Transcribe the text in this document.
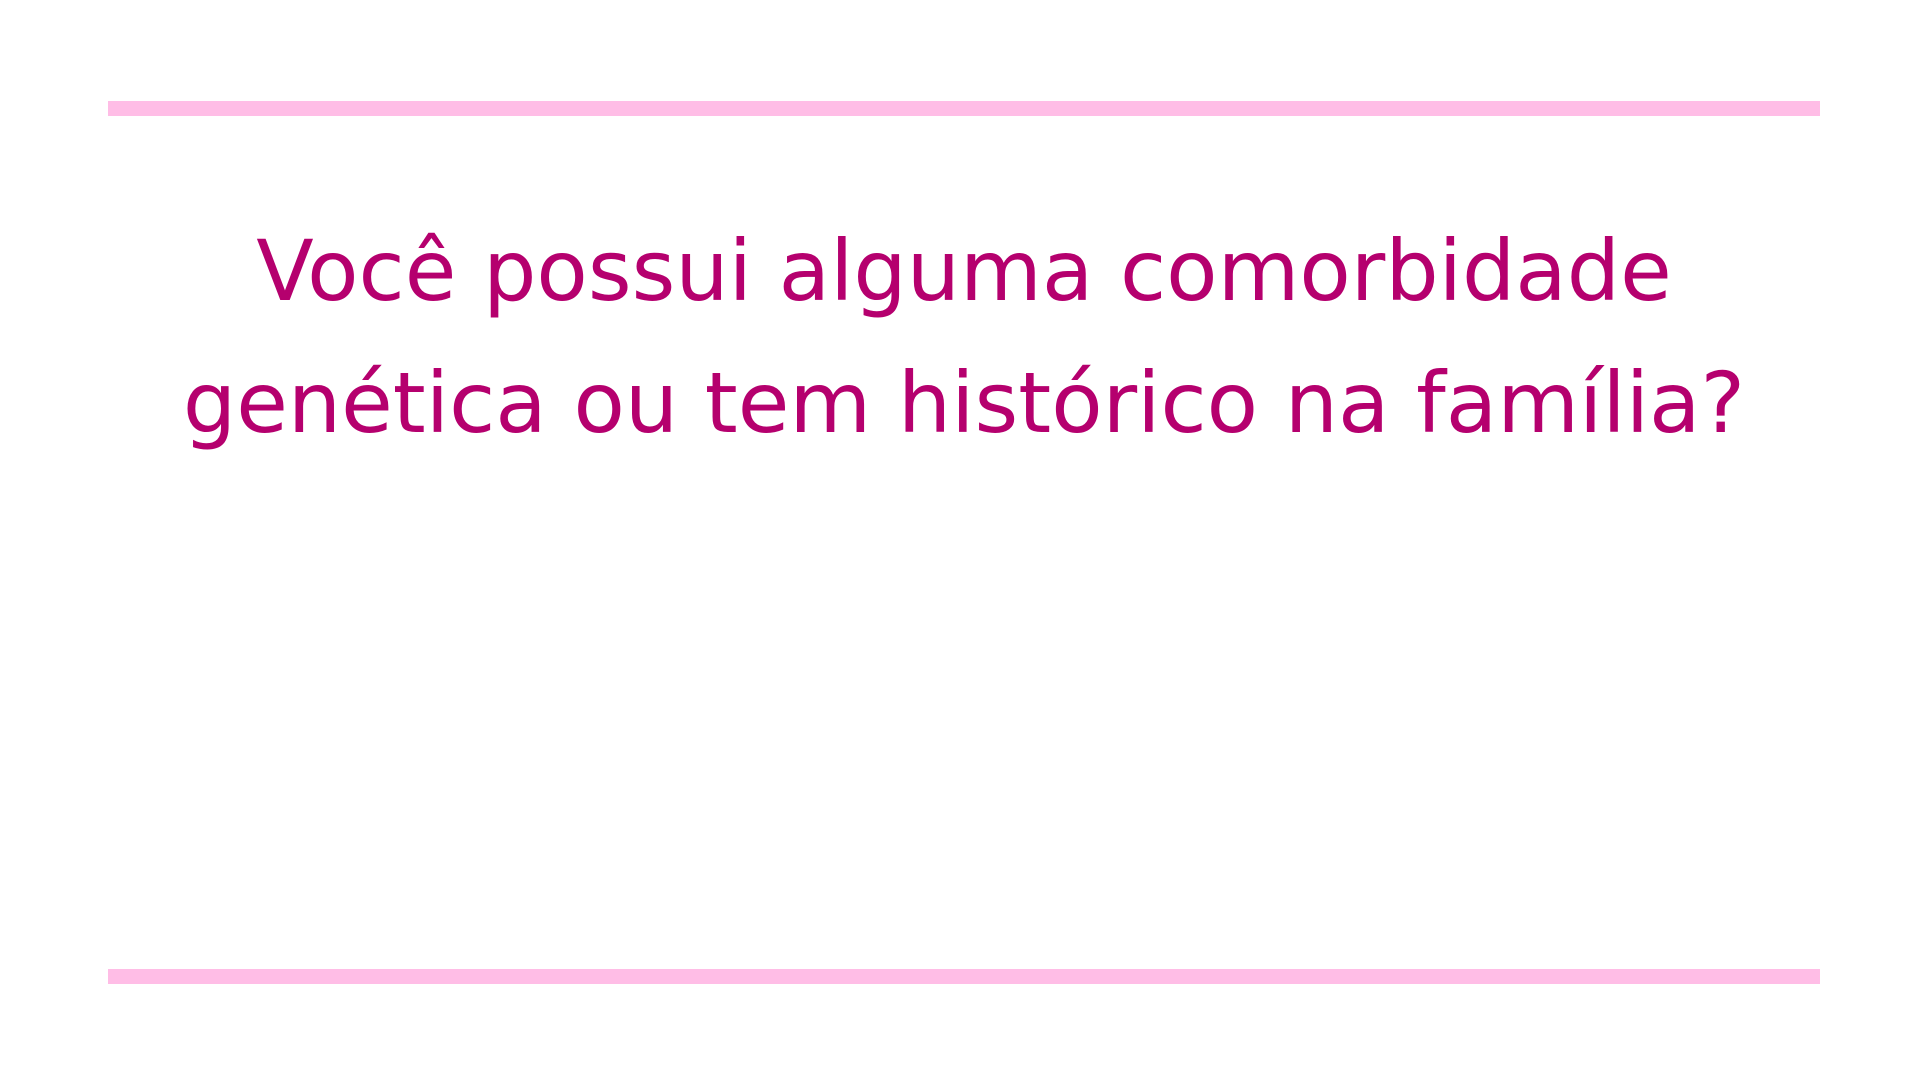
Você possui alguma comorbidade
genética ou tem histórico na família?
